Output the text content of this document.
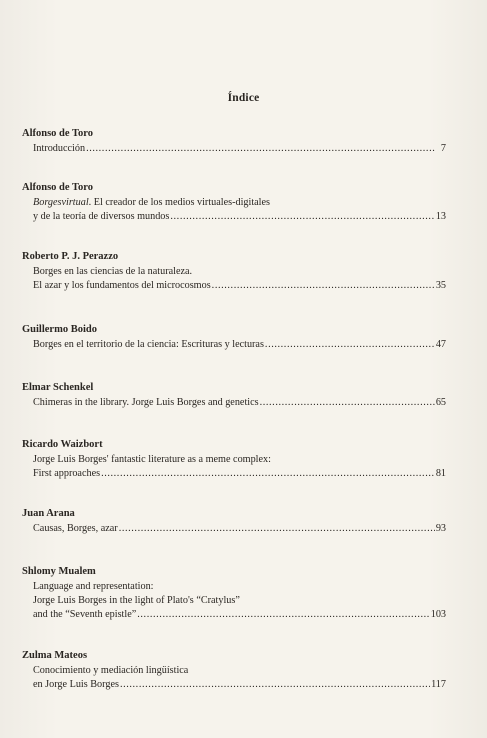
Índice
Alfonso de Toro
Introducción .....	7
Alfonso de Toro
Borgesvirtual. El creador de los medios virtuales-digitales
y de la teoría de diversos mundos .....	13
Roberto P. J. Perazzo
Borges en las ciencias de la naturaleza.
El azar y los fundamentos del microcosmos .....	35
Guillermo Boido
Borges en el territorio de la ciencia: Escrituras y lecturas .....	47
Elmar Schenkel
Chimeras in the library. Jorge Luis Borges and genetics .....	65
Ricardo Waizbort
Jorge Luis Borges' fantastic literature as a meme complex:
First approaches .....	81
Juan Arana
Causas, Borges, azar .....	93
Shlomy Mualem
Language and representation:
Jorge Luis Borges in the light of Plato's “Cratylus”
and the “Seventh epistle” .....	103
Zulma Mateos
Conocimiento y mediación lingüística
en Jorge Luis Borges .....	117
